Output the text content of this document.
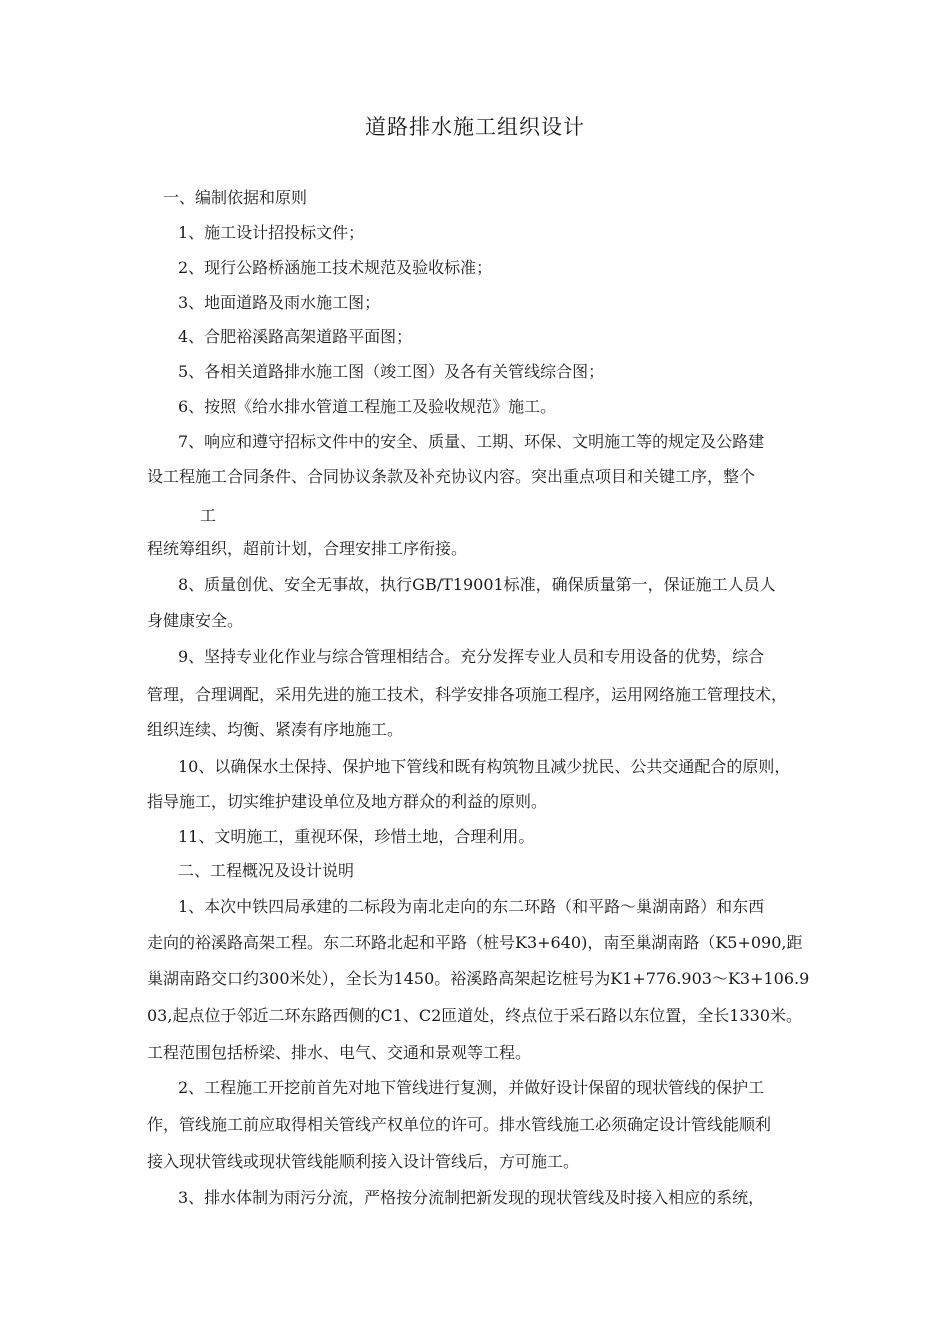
道路排水施工组织设计

一、编制依据和原则

1、施工设计招投标文件；

2、现行公路桥涵施工技术规范及验收标准；

3、地面道路及雨水施工图；

4、合肥裕溪路高架道路平面图；

5、各相关道路排水施工图（竣工图）及各有关管线综合图；

6、按照《给水排水管道工程施工及验收规范》施工。

7、响应和遵守招标文件中的安全、质量、工期、环保、文明施工等的规定及公路建

设工程施工合同条件、合同协议条款及补充协议内容。突出重点项目和关键工序，整个

工

程统筹组织，超前计划，合理安排工序衔接。

8、质量创优、安全无事故，执行GB/T19001标准，确保质量第一，保证施工人员人

身健康安全。

9、坚持专业化作业与综合管理相结合。充分发挥专业人员和专用设备的优势，综合

管理，合理调配，采用先进的施工技术，科学安排各项施工程序，运用网络施工管理技术，

组织连续、均衡、紧凑有序地施工。

10、以确保水土保持、保护地下管线和既有构筑物且减少扰民、公共交通配合的原则，

指导施工，切实维护建设单位及地方群众的利益的原则。

11、文明施工，重视环保，珍惜土地，合理利用。

二、工程概况及设计说明

1、本次中铁四局承建的二标段为南北走向的东二环路（和平路～巢湖南路）和东西

走向的裕溪路高架工程。东二环路北起和平路（桩号K3+640)，南至巢湖南路（K5+090,距

巢湖南路交口约300米处），全长为1450。裕溪路高架起讫桩号为K1+776.903～K3+106.9

03,起点位于邻近二环东路西侧的C1、C2匝道处，终点位于采石路以东位置，全长1330米。

工程范围包括桥梁、排水、电气、交通和景观等工程。

2、工程施工开挖前首先对地下管线进行复测，并做好设计保留的现状管线的保护工

作，管线施工前应取得相关管线产权单位的许可。排水管线施工必须确定设计管线能顺利

接入现状管线或现状管线能顺利接入设计管线后，方可施工。

3、排水体制为雨污分流，严格按分流制把新发现的现状管线及时接入相应的系统，
